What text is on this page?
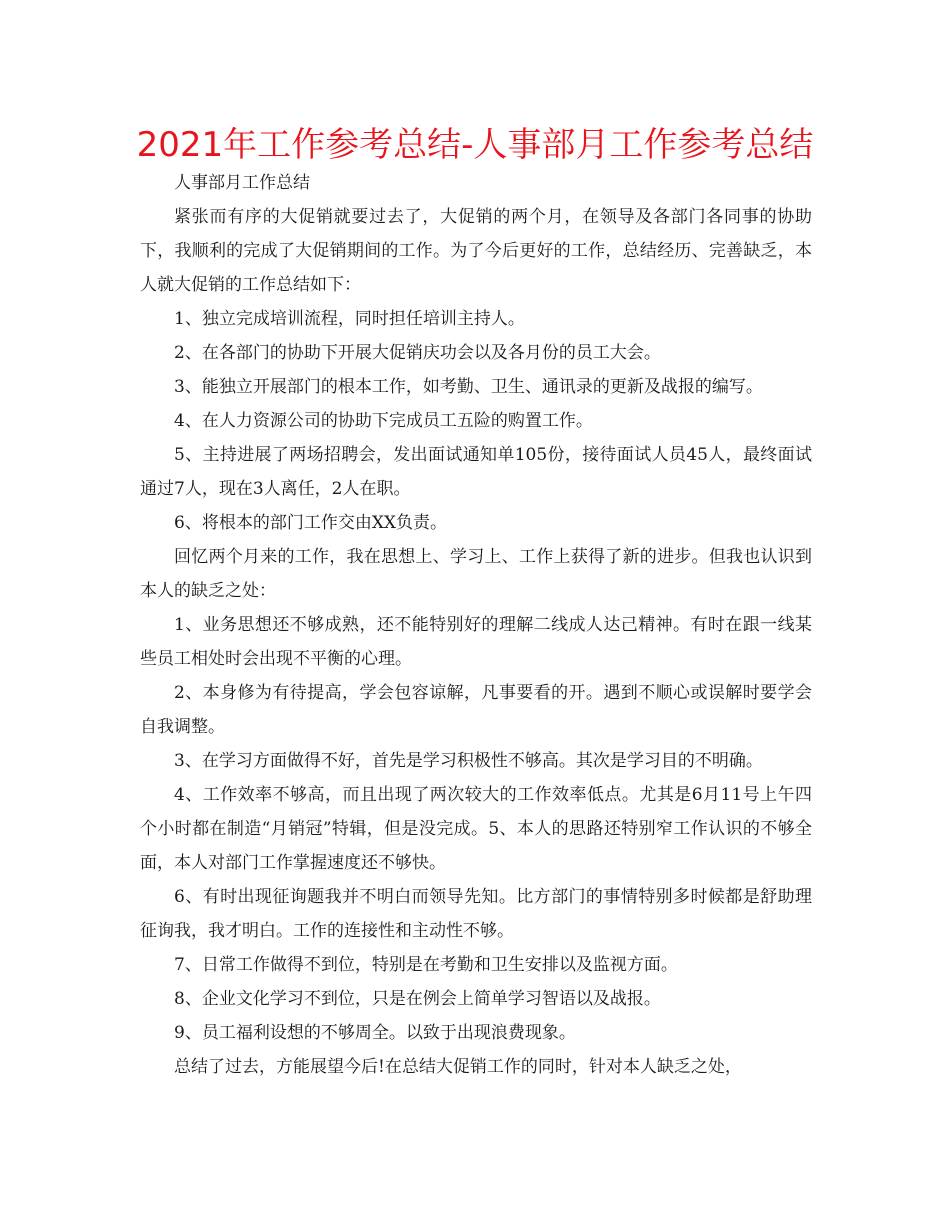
2021年工作参考总结-人事部月工作参考总结

人事部月工作总结

紧张而有序的大促销就要过去了，大促销的两个月，在领导及各部门各同事的协助下，我顺利的完成了大促销期间的工作。为了今后更好的工作，总结经历、完善缺乏，本人就大促销的工作总结如下：

1、独立完成培训流程，同时担任培训主持人。

2、在各部门的协助下开展大促销庆功会以及各月份的员工大会。

3、能独立开展部门的根本工作，如考勤、卫生、通讯录的更新及战报的编写。

4、在人力资源公司的协助下完成员工五险的购置工作。

5、主持进展了两场招聘会，发出面试通知单105份，接待面试人员45人，最终面试通过7人，现在3人离任，2人在职。

6、将根本的部门工作交由XX负责。

回忆两个月来的工作，我在思想上、学习上、工作上获得了新的进步。但我也认识到本人的缺乏之处：

1、业务思想还不够成熟，还不能特别好的理解二线成人达己精神。有时在跟一线某些员工相处时会出现不平衡的心理。

2、本身修为有待提高，学会包容谅解，凡事要看的开。遇到不顺心或误解时要学会自我调整。

3、在学习方面做得不好，首先是学习积极性不够高。其次是学习目的不明确。

4、工作效率不够高，而且出现了两次较大的工作效率低点。尤其是6月11号上午四个小时都在制造“月销冠”特辑，但是没完成。5、本人的思路还特别窄工作认识的不够全面，本人对部门工作掌握速度还不够快。

6、有时出现征询题我并不明白而领导先知。比方部门的事情特别多时候都是舒助理征询我，我才明白。工作的连接性和主动性不够。

7、日常工作做得不到位，特别是在考勤和卫生安排以及监视方面。

8、企业文化学习不到位，只是在例会上简单学习智语以及战报。

9、员工福利设想的不够周全。以致于出现浪费现象。

总结了过去，方能展望今后!在总结大促销工作的同时，针对本人缺乏之处，
